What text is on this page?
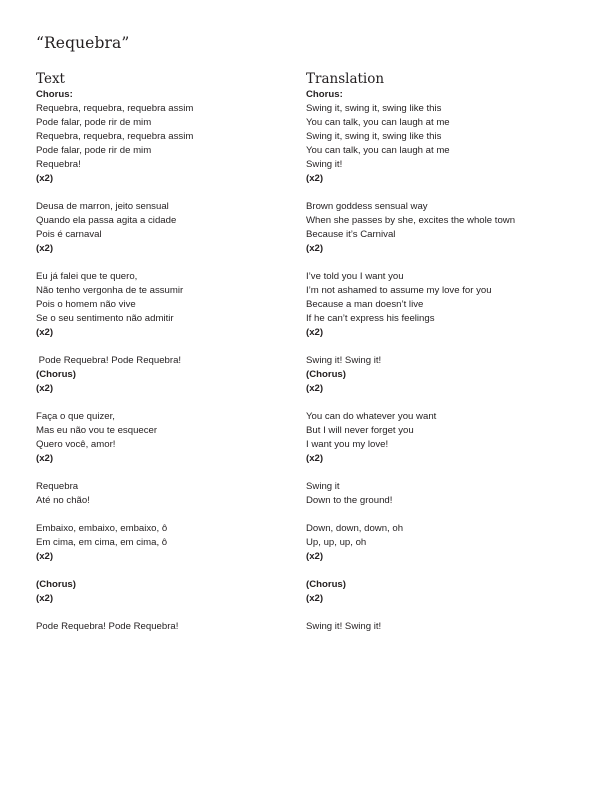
“Requebra”
Text
Chorus:
Requebra, requebra, requebra assim
Pode falar, pode rir de mim
Requebra, requebra, requebra assim
Pode falar, pode rir de mim
Requebra!
(x2)
Deusa de marron, jeito sensual
Quando ela passa agita a cidade
Pois é carnaval
(x2)
Eu já falei que te quero,
Não tenho vergonha de te assumir
Pois o homem não vive
Se o seu sentimento não admitir
(x2)
Pode Requebra! Pode Requebra!
(Chorus)
(x2)
Faça o que quizer,
Mas eu não vou te esquecer
Quero você, amor!
(x2)
Requebra
Até no chão!
Embaixo, embaixo, embaixo, ô
Em cima, em cima, em cima, ô
(x2)
(Chorus)
(x2)
Pode Requebra! Pode Requebra!
Translation
Chorus:
Swing it, swing it, swing like this
You can talk, you can laugh at me
Swing it, swing it, swing like this
You can talk, you can laugh at me
Swing it!
(x2)
Brown goddess sensual way
When she passes by she, excites the whole town
Because it’s Carnival
(x2)
I’ve told you I want you
I’m not ashamed to assume my love for you
Because a man doesn’t live
If he can’t express his feelings
(x2)
Swing it! Swing it!
(Chorus)
(x2)
You can do whatever you want
But I will never forget you
I want you my love!
(x2)
Swing it
Down to the ground!
Down, down, down, oh
Up, up, up, oh
(x2)
(Chorus)
(x2)
Swing it! Swing it!
